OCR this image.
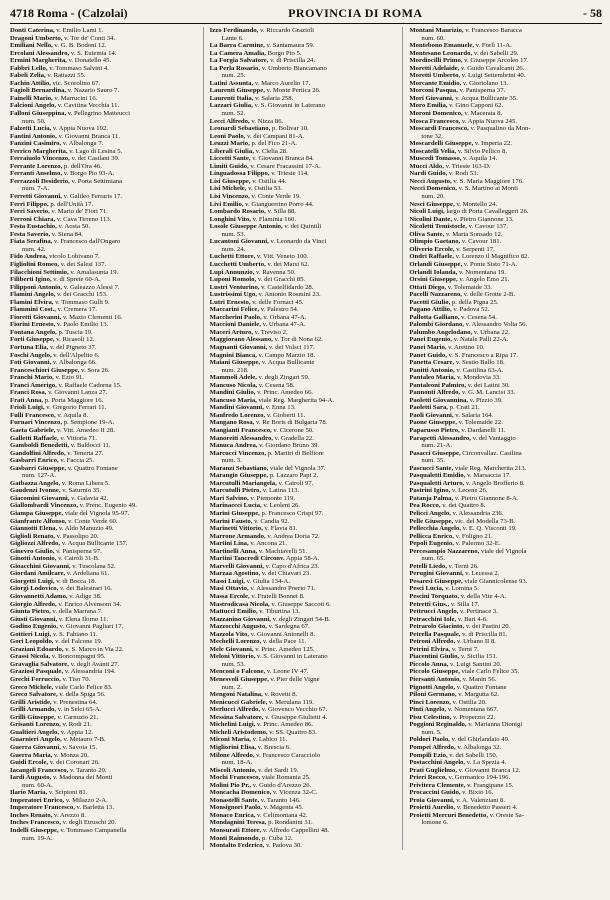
4718 Roma - (Calzolai)	PROVINCIA DI ROMA	- 58
Donti Caterina, v. Emilio Lami 1.
Dragoni Umberto, v. Tor de' Conti 34.
Emiliani Nello, v. G. B. Bodoni 12.
Ercolani Alessandro, v. S. Eutemia 14.
Ermini Margherita, v. Donatello 45.
Fabbri Lello, v. Tommaso Salvini 4.
Fabeli Zelia, v. Rattazzi 55.
Fachin Attilio, vic. Scorolino 67.
Fagioli Bernardina, v. Nazario Sauro 7.
Fainelli Mario, v. Marrucini 16.
Falcioni Angelo, v. Cavitina Vecchia 11.
Falloni Giuseppina, v. Pellegrino Matteucci
num. 50.
Falzetti Lucia, v. Appia Nuova 192.
Fantini Antonio, v. Giovanni Branca 11.
Fanzini Casimiro, v. Albalonga 7.
Ferrico Margherita, v. Lago di Lesina 5.
Ferraiuolo Vincenzo, v. dei Casilani 39.
Ferrante Lorenzo, p. dell'Ora 46.
Ferranti Anselmo, v. Borgo Pio 93-A.
Ferrazzoli Desiderio, v. Porta Settimiana
num. 7-A.
Ferretti Giovanni, v. Galileo Ferraris 17.
Ferri Filippo, p. dell'Unità 17.
Ferri Saverio, v. Mario de' Fiori 71.
Ferroni Chiara, v. Cava Tirreno 113.
Festa Eustachio, v. Aosta 50.
Festa Saverio, v. Siena 84.
Fiata Serafina, v. Francesco dall'Ongaro
num. 42.
Fido Andrea, vicolo Lobivano 7.
Figliolini Romeo, v. dei Salesi 137.
Filacchioni Settimio, v. Amalasunta 19.
Filiberti Igino, v. di Sprete 60-A.
Filipponi Antonio, v. Galeazzo Alessi 7.
Flamini Angelo, v. dei Gracchi 153.
Flamini Elvira, v. Tommaso Gulli 9.
Flammini Cost., v. Cremera 17.
Fioretti Giovanni, v. Mazio Clementi 16.
Fiorini Ernesto, v. Paolo Emilio 13.
Fontana Angelo, p. Tuscia 19.
Forti Giuseppe, v. Ricasoli 12.
Fortuna Elia, v. del Pigneto 37.
Foschi Angelo, v. dell'Alpeltto 6.
Foti Giovanni, v. Albalonga 66.
Franceschiori Giuseppe, v. Sora 26.
Franchi Mario, v. Ezio 91.
Franci Amerigo, v. Raffaele Cadorna 15.
Franci Rosa, v. Giovanni Lanza 27.
Frati Anna, p. Porta Maggiore 16.
Frioli Luigi, v. Gregorio Ferrari 11.
Fulli Francesco, v. Aquila 8.
Furnari Vincenzo, p. Sempione 19-A.
Gaeta Gabriele, v. Vitt. Amedeo II 28.
Galletti Raffaele, v. Vittoria 71.
Gamboldi Benedetti, v. Baldocci 11.
Gandolfini Alfredo, v. Tenerta 27.
Gasbarri Enrico, v. Faccia 25.
Gasbarri Giuseppe, v. Quattro Fontane
num. 127-A.
Gatbazza Angelo, v. Roma Libera 5.
Gaudenzi Ivonne, v. Saturnio 35.
Giacomini Giovanni, v. Galavia 42.
Giallombardi Vincenzo, v. Prenc. Eugenio 49.
Giampa Giuseppe, viale del Vignola 95-97.
Gianfrante Alfonso, v. Conte Verde 60.
Giannotti Elena, v. Aldo Manuzio 49.
Giglioli Renato, v. Passolipo 20.
Gigliozzi Alfredo, v. Acqua Bullicante 157.
Ginevro Giulio, v. Panisperna 97.
Ginotti Antonio, v. Cairoli 31-B.
Gioacchini Giovanni, v. Tuscolana 52.
Giordani Amilcare, v. Ardeliana 61.
Giorgetti Luigi, v. di Bocca 18.
Giorgi Lodovico, v. dei Balestrari 16.
Giovannetti Adamo, v. Adige 38.
Giorgio Alfredo, v. Enrico Alvensom 34.
Giunta Pietro, v. della Marrana 7.
Giusti Giovanni, v. Elena Ilorno 11.
Godino Eugenio, v. Giovanni Pagliari 17.
Gottieri Luigi, v. S. Fabiano 11.
Gori Leopoldo, v. del Falcone 19.
Graziani Edoardo, v. S. Marco in Via 22.
Grassi Nicola, v. Boncompagni 95.
Gravaglia Salvatore, v. degli Avanti 27.
Graziosi Pasquale, v. Alessandria 194.
Grechi Ferruccio, v. Tiso 70.
Greco Michele, viale Carlo Felice 83.
Greco Salvatore, v. della Spiga 56.
Grilli Aristide, v. Prenestina 64.
Grilli Armando, v. in Selci 65-A.
Grilli Giuseppe, v. Carnuzio 21.
Grisanti Lorenzo, v. Rodi 21.
Gualtieri Angelo, v. Appia 12.
Guarnieri Angelo, v. Metauro 7-B.
Guerra Giovanni, v. Savoia 15.
Guerra Maria, v. Monza 20.
Guidi Ercole, v. dei Coronari 26.
Iacangeli Francesco, v. Taranto 20.
Iardi Augusto, v. Madonna dei Monti
num. 60-A.
Ilario Maria, v. Scipioni 81.
Imperatori Enrico, v. Milazzo 2-A.
Imperatore Francesco, v. Barletta 13.
Inches Renato, v. Arezzo 8.
Inches Francesco, v. degli Etruschi 20.
Indelli Giuseppe, v. Tommaso Campanella
num. 19-A.
Izzo Ferdinando, v. Riccardo Grazioli
Lante 6.
La Barra Carmine, v. Santamaura 59.
La Camera Amalia, Borgo Pio 5.
La Forgia Salvatore, v. di Priscilla 24.
La Perla Rosario, v. Umberto Biancamano
num. 25.
Latini Assunta, v. Marco Aurelio 17.
Laurenti Giuseppe, v. Monte Pertica 26.
Laurenti Italia, v. Salaria 258.
Lazzari Giulia, v. S. Giovanni in Laterano
num. 52.
Lecci Alfredo, v. Nizza 86.
Leonardi Sebastiano, p. Bolivar 10.
Leoni Paolo, v. dei Campani 81-A.
Leuzzi Mario, p. del Fico 21-A.
Liberali Giulia, v. Clelia 28.
Liccetti Sante, v. Giovanni Branca 84.
Limiti Guido, v. Cesare Fracassini 17-A.
Linguadossa Filippo, v. Trieste 114.
Lisi Giuseppe, v. Ostilia 44.
Lisi Michele, v. Ostilia 53.
Lisi Vincenzo, v. Conte Verde 19.
Livi Emilio, v. Gianguerrino Porro 44.
Lombardo Rosario, v. Silla 88.
Longhini Vito, v. Flaminia 160.
Losole Giuseppe Antonio, v. dei Quintili
num. 53.
Lucantoni Giovanni, v. Leonardo da Vinci
num. 24.
Luchetti Ettore, v. Vitt. Veneto 100.
Lucchetti Umberto, v. dei Marsi 62.
Lupi Annunzio, v. Ravenna 50.
Luponi Romolo, v. dei Gracchi 85.
Lustri Venturino, v. Castelfidardo 28.
Lustrissimi Ugo, v. Antonio Rosmini 23.
Lutri Ernesto, v. delle Fornaci 45.
Maccarini Felice, v. Palestro 54.
Maccherini Paolo, v. Orbana 47-A.
Maccioni Daniele, v. Urbana 47-A.
Maceri Arturo, v. Treviso 2.
Maggiorano Alessano, v. Tor di Nona 62.
Magnanti Giovanni, v. dei Volsci 117.
Magnini Bianca, v. Campo Marzio 18.
Maiani Giuseppe, v. Acqua Bullicante
num. 218.
Mammoli Adele, v. degli Zingari 59.
Mancuso Nicola, v. Cesena 58.
Mandini Giulio, v. Princ. Amedeo 66.
Mancuso Maria, viale Reg. Margherita 94-A.
Mandini Giovanni, v. Enna 13.
Manfredo Lorenzo, v. Gioberti 11.
Mangano Rosa, v. Re Boris di Bulgaria 78.
Mangianti Francesco, v. Cicerone 50.
Manoreiti Alessandro, v. Gradella 22.
Manuca Andrea, v. Giordano Bruno 39.
Marcucci Vincenzo, p. Martiri di Belfiore
num. 3.
Maranzi Sebastiano, viale del Vignola 37.
Marangio Giuseppe, p. Lazzaro Papi 2.
Marcutulli Mariangela, v. Cairoli 97.
Marcutulli Pietro, v. Latina 113.
Mari Salvino, v. Piemonte 119.
Marinaccci Lucia, v. Leoleni 26.
Marini Giuseppe, p. Francesco Crispi 97.
Marini Fausto, v. Candia 92.
Marinetti Vittorio, v. Flavia 81.
Marrone Armando, v. Andrea Doria 72.
Martini Lina, v. Ancona 21.
Martinelli Anna, v. Machiavelli 51.
Martini Tancredi Circonv. Appia 58-A.
Marvelli Giovanni, v. Capo d'Africa 23.
Marzaa Agostino, v. dei Chiavari 23.
Massi Luigi, v. Giulia 134-A.
Masi Ottavio, v. Alessandro Poerio 71.
Massa Ercole, v. Fratelli Bonnet 8.
Mastrodicasa Nicola, v. Giuseppe Saccoti 6.
Mattucci Emilio, v. Tiburtina 13.
Mazzanino Giovanni, v. degli Zingari 54-B.
Mazzocchi Augusto, v. Sardegna 67.
Mazzola Vito, v. Giovanni Antonelli 8.
Mechelli Lorenzo, v. della Pace 11.
Mele Giovanni, v. Princ. Amedeo 125.
Meloni Vittorio, v. S. Giovanni in Laterano
num. 53.
Menconi o Falcone, v. Leone IV 47.
Menesvoli Giuseppe, v. Pier delle Vigne
num. 2.
Mengoni Natalina, v. Rovetti 8.
Menicucci Gabriele, v. Merulana 119.
Merlucci Alfredo, v. Giovenco Vecchio 67.
Messina Salvatore, v. Giuseppe Giulietti 4.
Michelini Luigi, v. Princ. Amedeo 86.
Micheli Aristodemo, v. SS. Quattro 83.
Miconi Maria, v. Labico 11.
Migliorini Elisa, v. Brescia 6.
Milone Alfredo, v. Francesco Caracciolo
num. 18-A.
Miscoli Antonio, v. dei Sardi 19.
Mochi Francesco, viale Romania 25.
Molini Pio Pr., v. Guido d'Arezzo 26.
Moncacha Domenico, v. Vicenza 32-C.
Monastelli Sante, v. Taranto 146.
Monsignori Paolo, v. Magenta 45.
Monaco Enrica, v. Celimontana 42.
Mondagnini Teresa, p. Rondanini 31.
Monsurati Ettore, v. Alfredo Cappellini 48.
Monti Raimondo, p. Cuba 12.
Montalto Federico, v. Padova 30.
Montani Maurizio, v. Francesco Baracca
num. 60.
Montebono Emanuele, v. Forlì 11-A.
Montesano Leonardo, v. dei Sabelli 29.
Mordiocilli Primo, v. Giuseppe Arcoleo 17.
Moretti Adelaide, v. Guido Cavalcanti 26.
Moretti Umberto, v. Luigi Settembrini 40.
Morcante Emidio, v. Gioriolano 13.
Morconi Pasqua, v. Panisperna 37.
Mori Giovanni, v. Acqua Bullicante 35.
Moro Emilia, v. Gino Capponi 62.
Moroni Domenico, v. Macerata 8.
Mosca Francesco, v. Appia Nuova 245.
Moscardi Francesco, v. Pasqualino da Mon-
tone 32.
Moscardelli Giuseppe, v. Imperia 22.
Moscatelli Velia, v. Silvio Pellico 8.
Muscedi Tomasso, v. Aquila 14.
Mucci Aldo, v. Trieste 163-D.
Nardi Guido, v. Rodi 53.
Necci Augusto, v. S. Maria Maggiore 176.
Necci Domenico, v. S. Martino ai Monti
num. 20.
Nesci Giuseppe, v. Montello 24.
Nicoli Luigi, largo di Porta Cavalleggeri 26.
Nicolini Dante, v. Pietro Giannone 13.
Nicoletti Temistocle, v. Cavour 137.
Oliva Sante, v. Maria Sonsado 12.
Olimpio Gaetano, v. Cavour 181.
Oliverio Ercole, v. Serpenti 17.
Ondri Raffaele, v. Lorenzo il Magnifico 82.
Orlandi Giuseppe, v. Ponte Sisto 71-A.
Orlandi Iolanda, v. Nomentana 19.
Orsini Giuseppe, v. Angelo Emo 21.
Ottati Diego, v. Tolemaide 33.
Pacelli Nazzareno, v. delle Grotte 2-B.
Pacetti Giulio, p. della Pigna 25.
Pagano Attilio, v. Padova 52.
Pallotta Galliano, v. Cesena 54.
Palombi Giordano, v. Alessandro Volta 56.
Palumbo Angelodano, v. Urbana 22.
Panei Eugenio, v. Natale Palli 22-A.
Panei Mario, v. Aretino 10.
Panet Guido, v. S. Francesco a Ripa 17.
Panetta Cesare, v. Sestio Ballo 18.
Panitti Antonio, v. Castilina 63-A.
Pantaleo Maria, v. Mondovia 33.
Pantaleoni Palmiro, v. dei Latini 30.
Pannonti Alfredo, v. G. M. Lancisi 33.
Paoletti Giovannina, v. Pizzio 39.
Paoletti Sara, p. Crati 21.
Paoli Giovanni, v. Salaria 164.
Paone Giuseppe, v. Tolemaide 22.
Paparusso Pietro, v. Dardanelli 11.
Parapetti Alessandro, v. del Vantaggio
num. 21-A.
Pasacci Giuseppe, Circonvallaz. Casilina
num. 35.
Pascucci Sante, viale Reg. Marcherita 213.
Pasqualetti Emidio, v. Marsaccia 17.
Pasqualetti Arturo, v. Angelo Brofferio 8.
Pastrini Igino, v. Lecene 26.
Patanja Palma, v. Pietro Giannone 8-A.
Pea Rocco, v. dei Quattro 8.
Pelicci Angelo, v. Alessandria 236.
Pelle Giuseppe, vic. del Modella 73-B.
Pellecchia Angelo, v. E. Q. Visconti 19.
Pellicca Enrico, v. Foligno 21.
Pepoli Eugenio, v. Palermo 32-E.
Percesampio Nazzareno, viale del Vignola
num. 65.
Petelli Liedo, v. Terni 26.
Perugini Giovanni, v. Lecessa 2.
Pesaresi Giuseppe, viale Giannicolense 93.
Pesci Lucia, v. Lomina 5.
Pescini Torquato, v. della Vite 4-A.
Petretti Gius., v. Silla 17.
Pettrucci Angelo, v. Pertinace 3.
Petracchini Iole, v. Bari 4-6.
Petrarolo Giacinto, v. dei Pastini 20.
Petrella Pasquale, v. di Priscilla 81.
Petroni Alfredo, v. Urbano II 8.
Petrini Elvira, v. Terni 7.
Piacentini Giulio, v. Sicilia 151.
Piccolo Anna, v. Luigi Santini 20.
Piccolo Giuseppe, viale Carlo Felice 35.
Piersanti Antonio, v. Manin 56.
Pignotti Angelo, v. Quattro Fontane
Piloni Germano, v. Margutta 62.
Pinci Lorenzo, v. Ostilia 20.
Pinti Angelo, v. Nomentana 667.
Pisu Celestino, v. Properzio 22.
Poggioni Reginaldo, v. Marianna Dionigi
num. 5.
Poldori Paolo, v. del Ghirlandaio 49.
Pompei Alfredo, v. Albalonga 32.
Pompili Ezio, v. dei Sabelli 150.
Postacchini Angelo, v. La Spezia 4.
Prati Guglielmo, v. Giovanni Branca 12.
Prieri Rocco, v. Germanico 194-196.
Privitera Clemente, v. Frangipane 15.
Procaccini Guido, v. Bixio 16.
Proia Giovanni, v. A. Valenziani 8.
Proietti Aurelio, v. Benedetto Passeri 4.
Proietti Mercuri Benedetto, v. Oreste Sa-
lomone 6.
